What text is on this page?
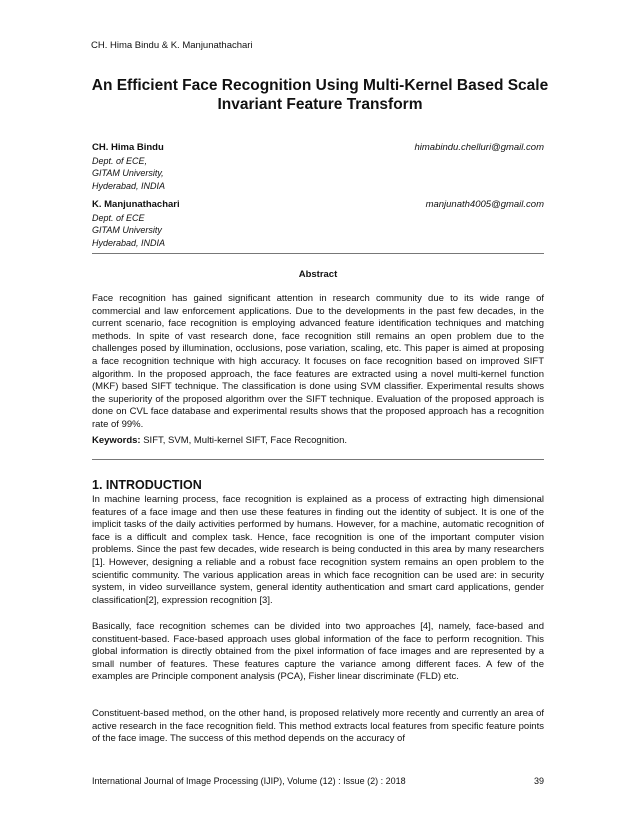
CH. Hima Bindu & K. Manjunathachari
An Efficient Face Recognition Using Multi-Kernel Based Scale
Invariant Feature Transform
CH. Hima Bindu	himabindu.chelluri@gmail.com
Dept. of ECE,
GITAM University,
Hyderabad, INDIA
K. Manjunathachari	manjunath4005@gmail.com
Dept. of ECE
GITAM University
Hyderabad, INDIA
Abstract

Face recognition has gained significant attention in research community due to its wide range of commercial and law enforcement applications. Due to the developments in the past few decades, in the current scenario, face recognition is employing advanced feature identification techniques and matching methods. In spite of vast research done, face recognition still remains an open problem due to the challenges posed by illumination, occlusions, pose variation, scaling, etc. This paper is aimed at proposing a face recognition technique with high accuracy. It focuses on face recognition based on improved SIFT algorithm. In the proposed approach, the face features are extracted using a novel multi-kernel function (MKF) based SIFT technique. The classification is done using SVM classifier. Experimental results shows the superiority of the proposed algorithm over the SIFT technique. Evaluation of the proposed approach is done on CVL face database and experimental results shows that the proposed approach has a recognition rate of 99%.

Keywords: SIFT, SVM, Multi-kernel SIFT, Face Recognition.

1. INTRODUCTION

In machine learning process, face recognition is explained as a process of extracting high dimensional features of a face image and then use these features in finding out the identity of subject. It is one of the implicit tasks of the daily activities performed by humans. However, for a machine, automatic recognition of face is a difficult and complex task. Hence, face recognition is one of the important computer vision problems. Since the past few decades, wide research is being conducted in this area by many researchers [1]. However, designing a reliable and a robust face recognition system remains an open problem to the scientific community. The various application areas in which face recognition can be used are: in security system, in video surveillance system, general identity authentication and smart card applications, gender classification[2], expression recognition [3].

Basically, face recognition schemes can be divided into two approaches [4], namely, face-based and constituent-based. Face-based approach uses global information of the face to perform recognition. This global information is directly obtained from the pixel information of face images and are represented by a small number of features. These features capture the variance among different faces. A few of the examples are Principle component analysis (PCA), Fisher linear discriminate (FLD) etc.

Constituent-based method, on the other hand, is proposed relatively more recently and currently an area of active research in the face recognition field. This method extracts local features from specific feature points of the face image. The success of this method depends on the accuracy of

International Journal of Image Processing (IJIP), Volume (12) : Issue (2) : 2018	39
